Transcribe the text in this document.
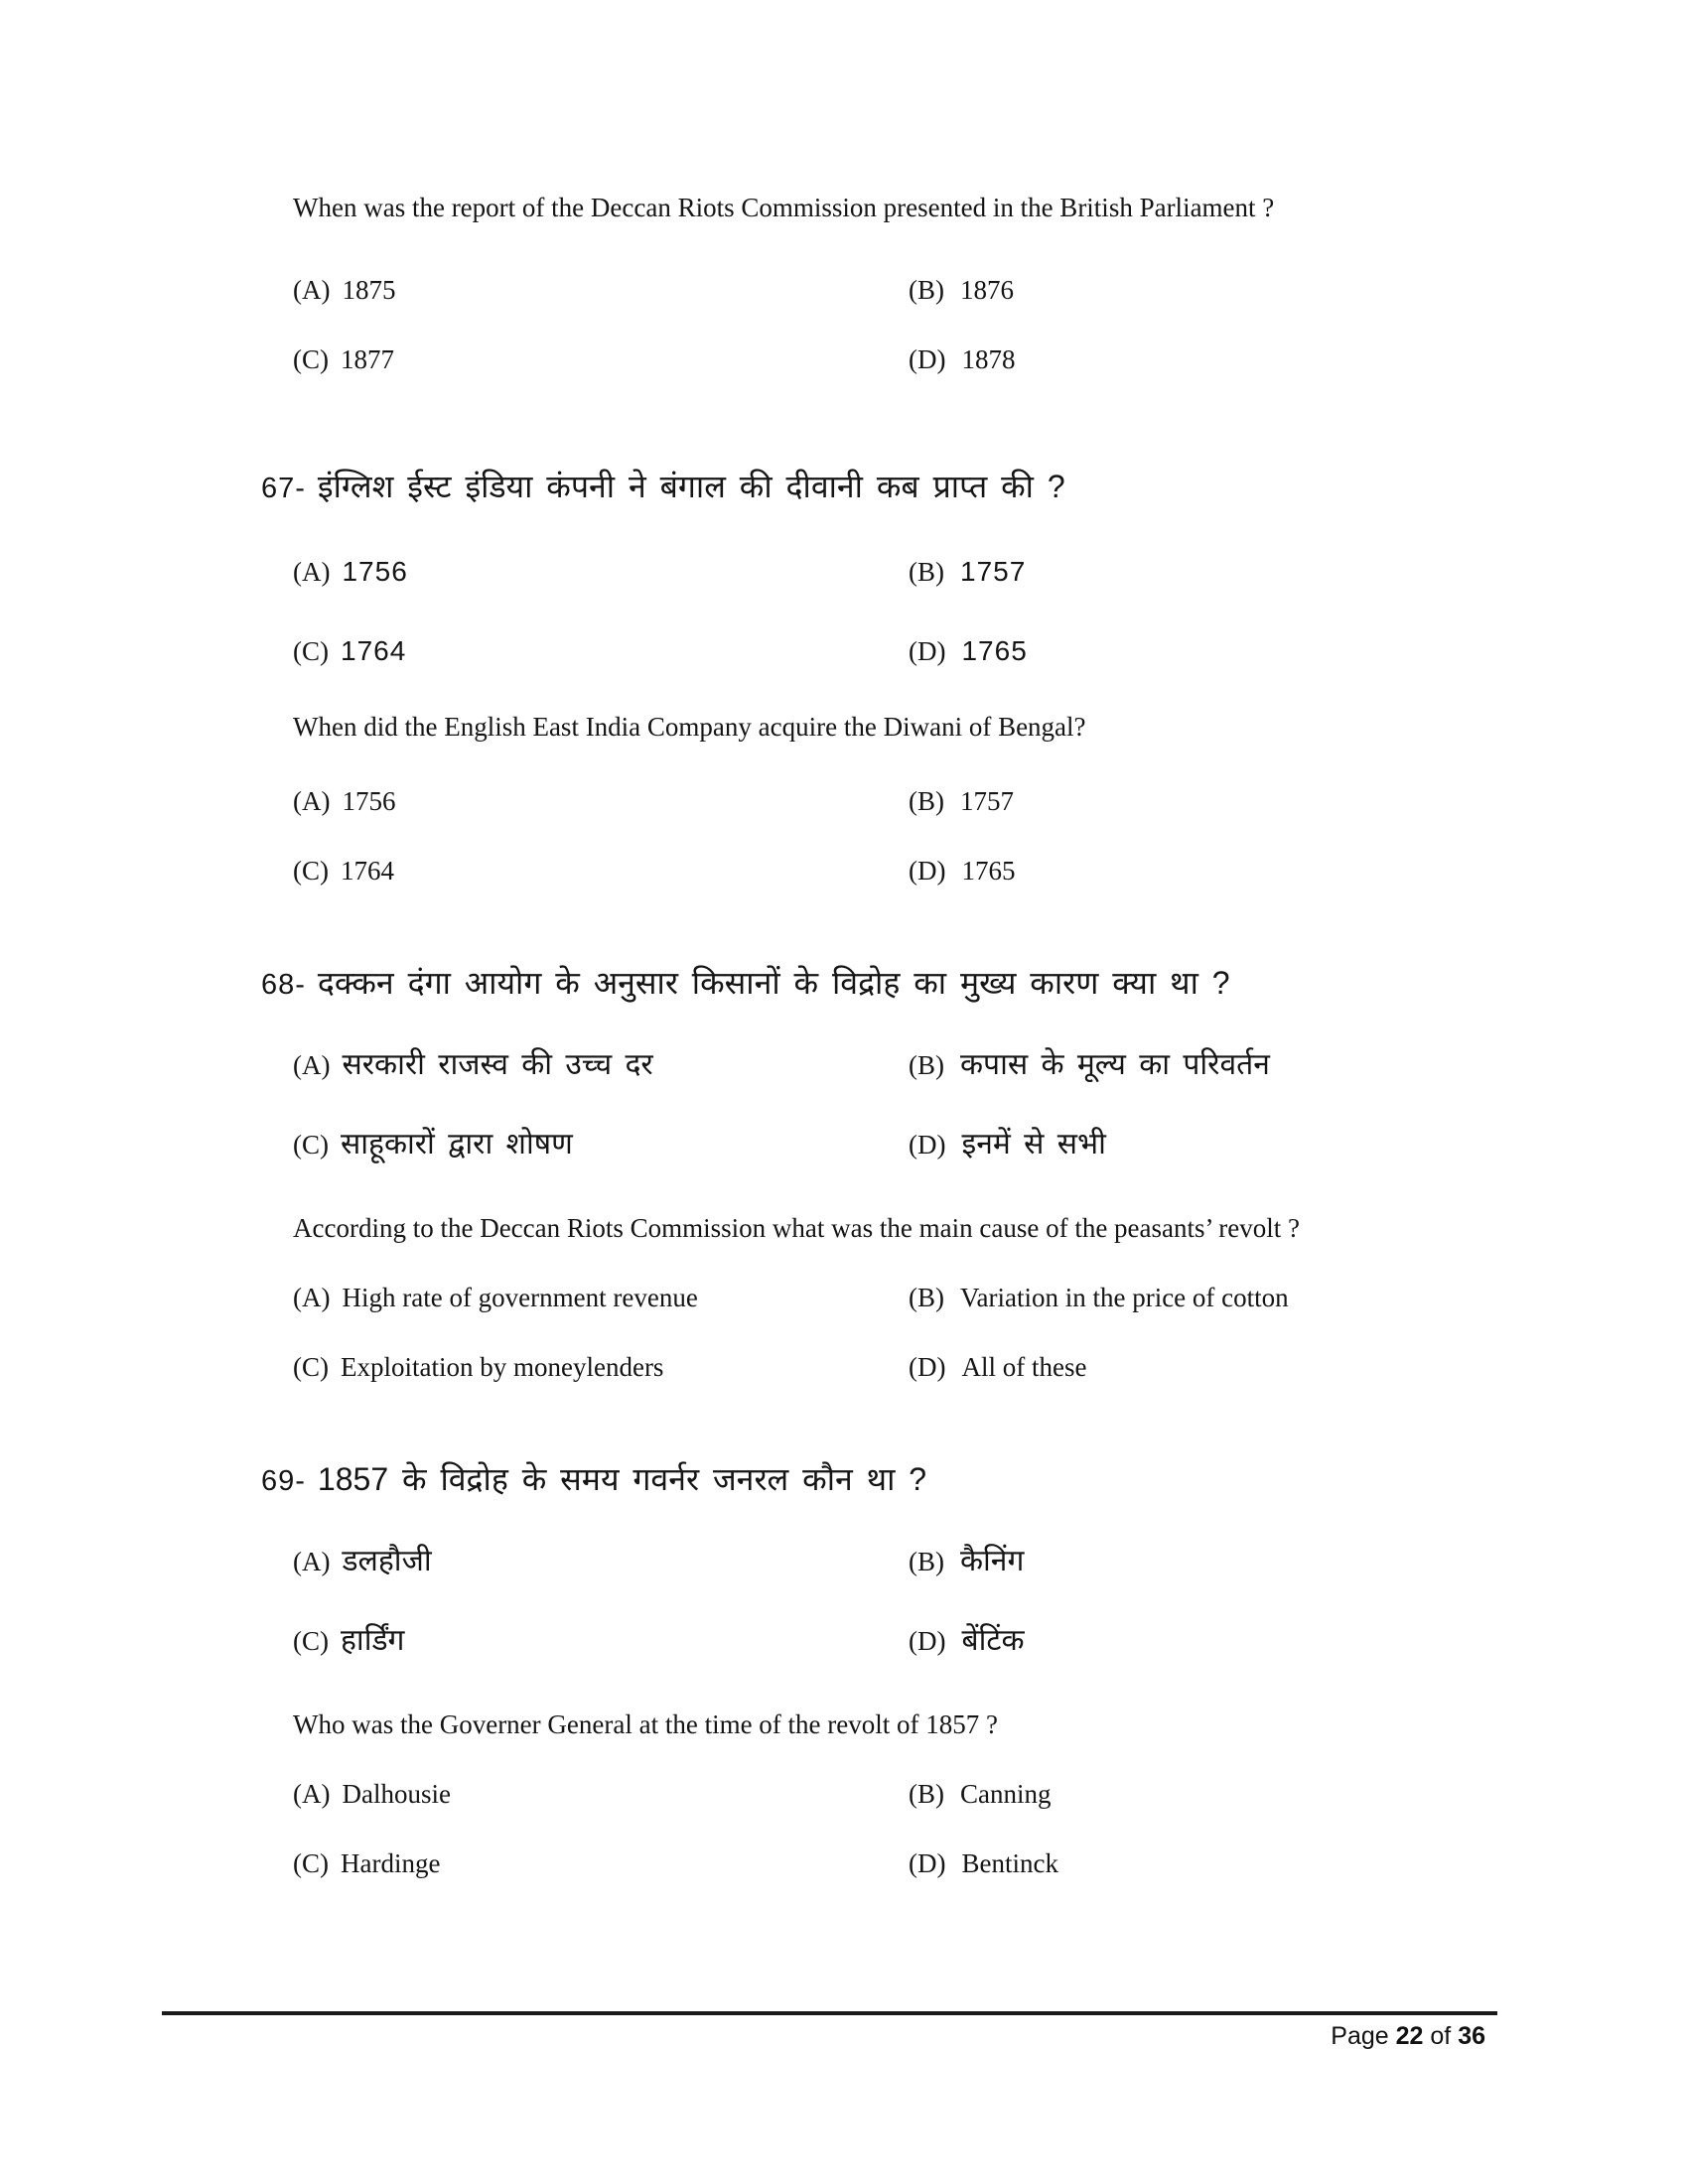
When was the report of the Deccan Riots Commission presented in the British Parliament ?
(A) 1875	(B) 1876
(C) 1877	(D) 1878
67- इंग्लिश ईस्ट इंडिया कंपनी ने बंगाल की दीवानी कब प्राप्त की ?
(A) 1756	(B) 1757
(C) 1764	(D) 1765
When did the English East India Company acquire the Diwani of Bengal?
(A) 1756	(B) 1757
(C) 1764	(D) 1765
68- दक्कन दंगा आयोग के अनुसार किसानों के विद्रोह का मुख्य कारण क्या था ?
(A) सरकारी राजस्व की उच्च दर	(B) कपास के मूल्य का परिवर्तन
(C) साहूकारों द्वारा शोषण	(D) इनमें से सभी
According to the Deccan Riots Commission what was the main cause of the peasants’ revolt ?
(A) High rate of government revenue	(B) Variation in the price of cotton
(C) Exploitation by moneylenders	(D) All of these
69- 1857 के विद्रोह के समय गवर्नर जनरल कौन था ?
(A) डलहौजी	(B) कैनिंग
(C) हार्डिंग	(D) बेंटिंक
Who was the Governer General at the time of the revolt of 1857 ?
(A) Dalhousie	(B) Canning
(C) Hardinge	(D) Bentinck
Page 22 of 36
